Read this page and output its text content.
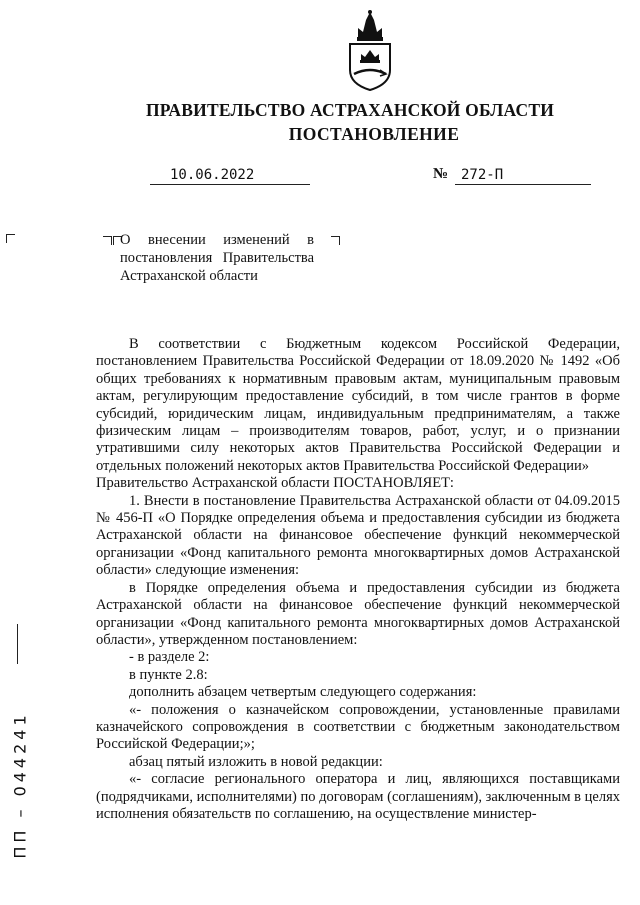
ПРАВИТЕЛЬСТВО АСТРАХАНСКОЙ ОБЛАСТИ
ПОСТАНОВЛЕНИЕ
10.06.2022	№ 272-П
О внесении изменений в постановления Правительства Астраханской области

В соответствии с Бюджетным кодексом Российской Федерации, постановлением Правительства Российской Федерации от 18.09.2020 № 1492 «Об общих требованиях к нормативным правовым актам, муниципальным правовым актам, регулирующим предоставление субсидий, в том числе грантов в форме субсидий, юридическим лицам, индивидуальным предпринимателям, а также физическим лицам – производителям товаров, работ, услуг, и о признании утратившими силу некоторых актов Правительства Российской Федерации и отдельных положений некоторых актов Правительства Российской Федерации»

Правительство Астраханской области ПОСТАНОВЛЯЕТ:

1. Внести в постановление Правительства Астраханской области от 04.09.2015 № 456-П «О Порядке определения объема и предоставления субсидии из бюджета Астраханской области на финансовое обеспечение функций некоммерческой организации «Фонд капитального ремонта многоквартирных домов Астраханской области» следующие изменения:

в Порядке определения объема и предоставления субсидии из бюджета Астраханской области на финансовое обеспечение функций некоммерческой организации «Фонд капитального ремонта многоквартирных домов Астраханской области», утвержденном постановлением:

- в разделе 2:

в пункте 2.8:

дополнить абзацем четвертым следующего содержания:

«- положения о казначейском сопровождении, установленные правилами казначейского сопровождения в соответствии с бюджетным законодательством Российской Федерации;»;

абзац пятый изложить в новой редакции:

«- согласие регионального оператора и лиц, являющихся поставщиками (подрядчиками, исполнителями) по договорам (соглашениям), заключенным в целях исполнения обязательств по соглашению, на осуществление министер-

ПП – 044241
